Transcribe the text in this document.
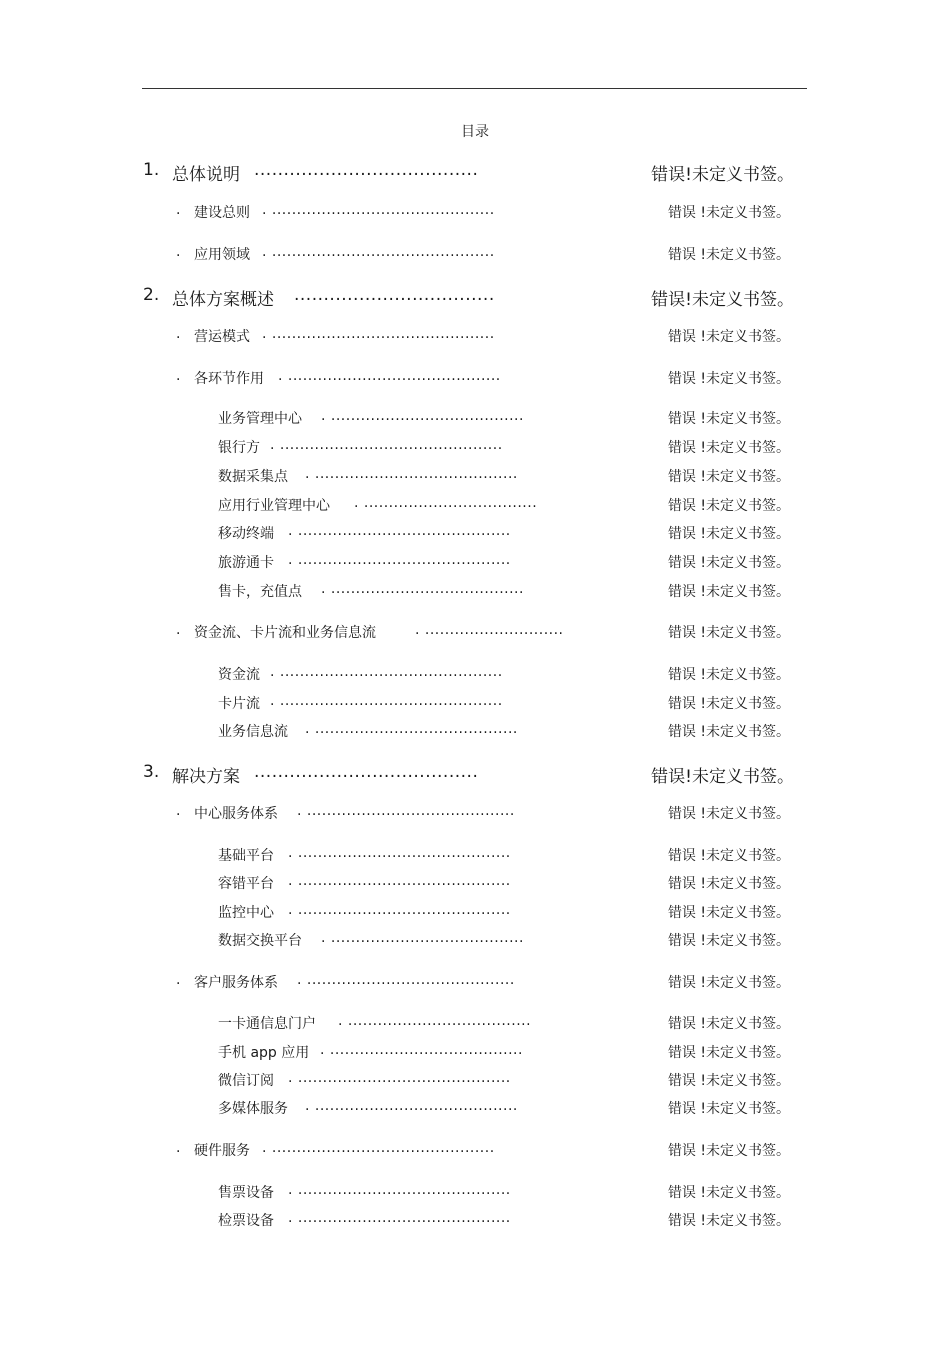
目录
1. 总体说明 ......................................	错误!未定义书签。
. 建设总则 . .............................................	错误 !未定义书签。
. 应用领域 . .............................................	错误 !未定义书签。
2. 总体方案概述 ..................................	错误!未定义书签。
. 营运模式 . .............................................	错误 !未定义书签。
. 各环节作用 . ...........................................	错误 !未定义书签。
业务管理中心 . .......................................	错误 !未定义书签。
银行方 . .............................................	错误 !未定义书签。
数据采集点 . .........................................	错误 !未定义书签。
应用行业管理中心 . ...................................	错误 !未定义书签。
移动终端 . ...........................................	错误 !未定义书签。
旅游通卡 . ...........................................	错误 !未定义书签。
售卡，充值点 . .......................................	错误 !未定义书签。
. 资金流、卡片流和业务信息流	. ............................	错误 !未定义书签。
资金流 . .............................................	错误 !未定义书签。
卡片流 . .............................................	错误 !未定义书签。
业务信息流 . .........................................	错误 !未定义书签。
3. 解决方案 ......................................	错误!未定义书签。
. 中心服务体系 . ..........................................	错误 !未定义书签。
基础平台 . ...........................................	错误 !未定义书签。
容错平台 . ...........................................	错误 !未定义书签。
监控中心 . ...........................................	错误 !未定义书签。
数据交换平台 . .......................................	错误 !未定义书签。
. 客户服务体系 . ..........................................	错误 !未定义书签。
一卡通信息门户 . .....................................	错误 !未定义书签。
手机 app 应用 . .......................................	错误 !未定义书签。
微信订阅 . ...........................................	错误 !未定义书签。
多媒体服务 . .........................................	错误 !未定义书签。
. 硬件服务 . .............................................	错误 !未定义书签。
售票设备 . ...........................................	错误 !未定义书签。
检票设备 . ...........................................	错误 !未定义书签。
